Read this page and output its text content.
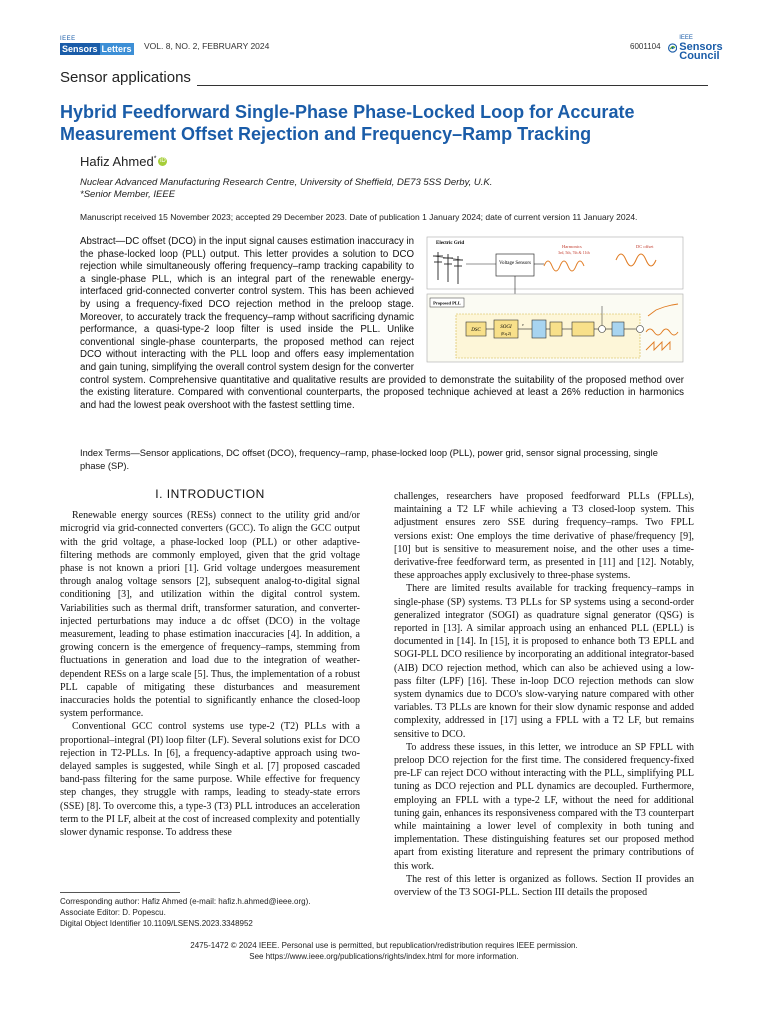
IEEE
Sensors Letters VOL. 8, NO. 2, FEBRUARY 2024	6001104
IEEE
Sensors Council
Sensor applications
Hybrid Feedforward Single-Phase Phase-Locked Loop for Accurate Measurement Offset Rejection and Frequency–Ramp Tracking
Hafiz Ahmed* iD
Nuclear Advanced Manufacturing Research Centre, University of Sheffield, DE73 5SS Derby, U.K.
*Senior Member, IEEE
Manuscript received 15 November 2023; accepted 29 December 2023. Date of publication 1 January 2024; date of current version 11 January 2024.
Electric Grid
Voltage Sensors
Harmonics
3rd, 5th, 7th & 11th
DC offset
Proposed PLL
DSC
SOGI
(Eq.2)
v
Abstract—DC offset (DCO) in the input signal causes estimation inaccuracy in the phase-locked loop (PLL) output. This letter provides a solution to DCO rejection while simultaneously offering frequency–ramp tracking capability to a single-phase PLL, which is an integral part of the renewable energy-interfaced grid-connected converter control system. This has been achieved by using a frequency-fixed DCO rejection method in the preloop stage. Moreover, to accurately track the frequency–ramp without sacrificing dynamic performance, a quasi-type-2 loop filter is used inside the PLL. Unlike conventional single-phase counterparts, the proposed method can reject DCO without interacting with the PLL loop and offers easy implementation and gain tuning, simplifying the overall control system design for the converter control system. Comprehensive quantitative and qualitative results are provided to demonstrate the suitability of the proposed method over the existing literature. Compared with conventional counterparts, the proposed technique achieved at least a 26% reduction in harmonics and had the lowest peak overshoot with the fastest settling time.
Index Terms—Sensor applications, DC offset (DCO), frequency–ramp, phase-locked loop (PLL), power grid, sensor signal processing, single phase (SP).
I. INTRODUCTION

Renewable energy sources (RESs) connect to the utility grid and/or microgrid via grid-connected converters (GCC). To align the GCC output with the grid voltage, a phase-locked loop (PLL) or other adaptive-filtering methods are commonly employed, given that the grid voltage phase is not known a priori [1]. Grid voltage undergoes measurement through analog voltage sensors [2], subsequent analog-to-digital signal conditioning [3], and utilization within the digital control system. Variabilities such as thermal drift, transformer saturation, and converter-injected perturbations may induce a dc offset (DCO) in the voltage measurement, leading to phase estimation inaccuracies [4]. In addition, a growing concern is the emergence of frequency–ramps, stemming from fluctuations in generation and load due to the integration of weather-dependent RESs on a large scale [5]. Thus, the implementation of a robust PLL capable of mitigating these disturbances and measurement inaccuracies holds the potential to significantly enhance the closed-loop system performance.

Conventional GCC control systems use type-2 (T2) PLLs with a proportional–integral (PI) loop filter (LF). Several solutions exist for DCO rejection in T2-PLLs. In [6], a frequency-adaptive approach using two-delayed samples is suggested, while Singh et al. [7] proposed cascaded band-pass filtering for the same purpose. While effective for frequency step changes, they struggle with ramps, leading to steady-state errors (SSE) [8]. To overcome this, a type-3 (T3) PLL introduces an acceleration term to the PI LF, albeit at the cost of increased complexity and potentially slower dynamic response. To address these

challenges, researchers have proposed feedforward PLLs (FPLLs), maintaining a T2 LF while achieving a T3 closed-loop system. This adjustment ensures zero SSE during frequency–ramps. Two FPLL versions exist: One employs the time derivative of phase/frequency [9], [10] but is sensitive to measurement noise, and the other uses a time-derivative-free feedforward term, as presented in [11] and [12]. Notably, these approaches apply exclusively to three-phase systems.

There are limited results available for tracking frequency–ramps in single-phase (SP) systems. T3 PLLs for SP systems using a second-order generalized integrator (SOGI) as quadrature signal generator (QSG) is reported in [13]. A similar approach using an enhanced PLL (EPLL) is documented in [14]. In [15], it is proposed to enhance both T3 EPLL and SOGI-PLL DCO resilience by incorporating an additional integrator-based (AIB) DCO rejection method, which can also be achieved using a low-pass filter (LPF) [16]. These in-loop DCO rejection methods can slow system dynamics due to DCO's slow-varying nature compared with other variables. T3 PLLs are known for their slow dynamic response and added complexity, addressed in [17] using a FPLL with a T2 LF, but remains sensitive to DCO.

To address these issues, in this letter, we introduce an SP FPLL with preloop DCO rejection for the first time. The considered frequency-fixed pre-LF can reject DCO without interacting with the PLL, simplifying PLL tuning as DCO rejection and PLL dynamics are decoupled. Furthermore, employing an FPLL with a type-2 LF, without the need for additional tuning gain, enhances its responsiveness compared with the T3 counterpart while maintaining a lower level of complexity in both tuning and implementation. These distinguishing features set our proposed method apart from existing literature and represent the primary contributions of this work.

The rest of this letter is organized as follows. Section II provides an overview of the T3 SOGI-PLL. Section III details the proposed

Corresponding author: Hafiz Ahmed (e-mail: hafiz.h.ahmed@ieee.org).
Associate Editor: D. Popescu.
Digital Object Identifier 10.1109/LSENS.2023.3348952
2475-1472 © 2024 IEEE. Personal use is permitted, but republication/redistribution requires IEEE permission.
See https://www.ieee.org/publications/rights/index.html for more information.
